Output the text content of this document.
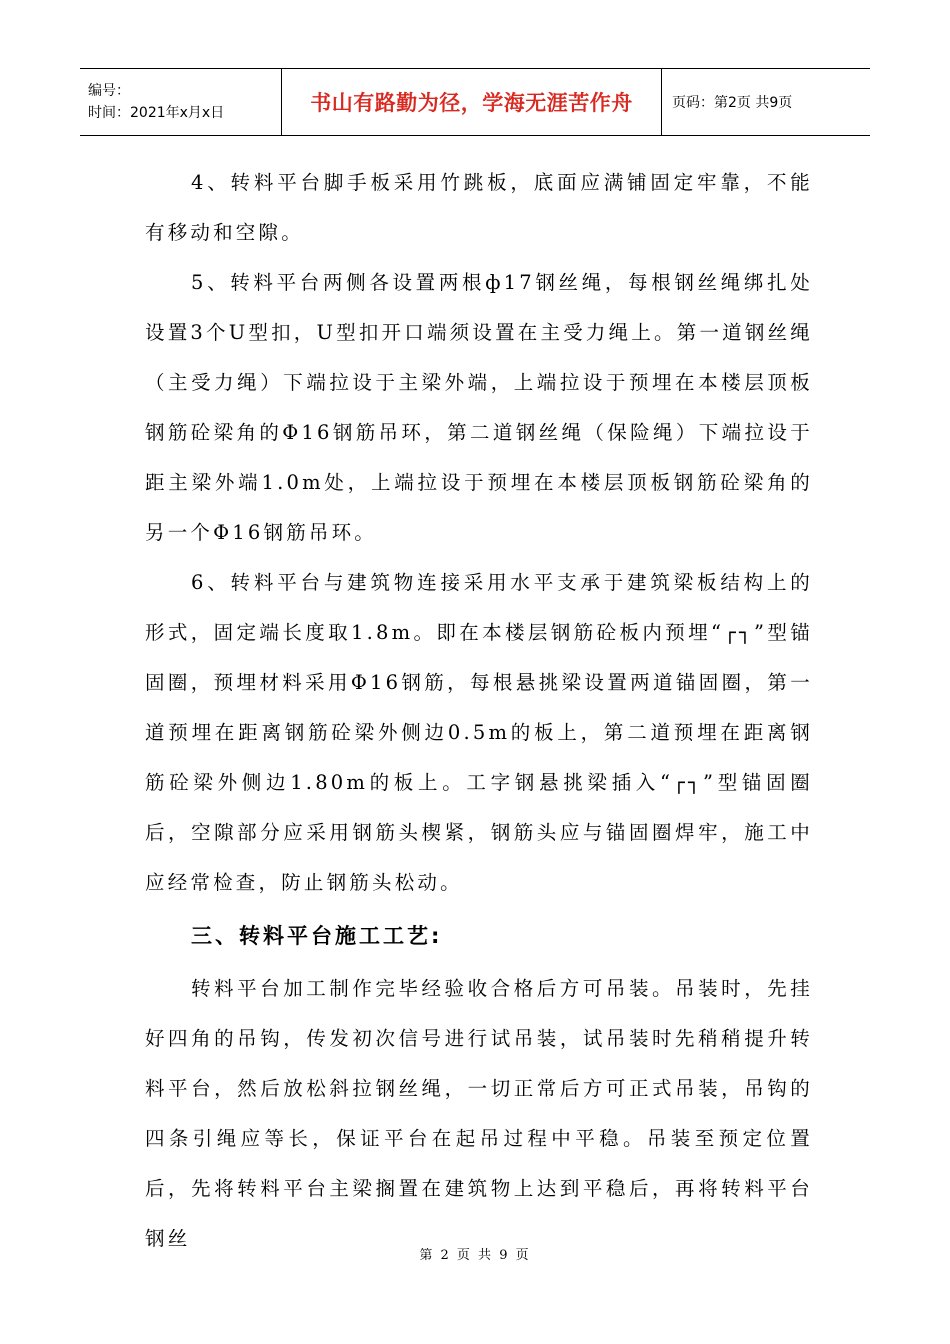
编号：
时间：2021年x月x日	书山有路勤为径，学海无涯苦作舟	页码：第2页 共9页

4、转料平台脚手板采用竹跳板，底面应满铺固定牢靠，不能有移动和空隙。

5、转料平台两侧各设置两根ф17钢丝绳，每根钢丝绳绑扎处设置3个U型扣，U型扣开口端须设置在主受力绳上。第一道钢丝绳（主受力绳）下端拉设于主梁外端，上端拉设于预埋在本楼层顶板钢筋砼梁角的Φ16钢筋吊环，第二道钢丝绳（保险绳）下端拉设于距主梁外端1.0m处，上端拉设于预埋在本楼层顶板钢筋砼梁角的另一个Φ16钢筋吊环。

6、转料平台与建筑物连接采用水平支承于建筑梁板结构上的形式，固定端长度取1.8m。即在本楼层钢筋砼板内预埋“┌┐”型锚固圈，预埋材料采用Φ16钢筋，每根悬挑梁设置两道锚固圈，第一道预埋在距离钢筋砼梁外侧边0.5m的板上，第二道预埋在距离钢筋砼梁外侧边1.80m的板上。工字钢悬挑梁插入“┌┐”型锚固圈后，空隙部分应采用钢筋头楔紧，钢筋头应与锚固圈焊牢，施工中应经常检查，防止钢筋头松动。

三、转料平台施工工艺:

转料平台加工制作完毕经验收合格后方可吊装。吊装时，先挂好四角的吊钩，传发初次信号进行试吊装，试吊装时先稍稍提升转料平台，然后放松斜拉钢丝绳，一切正常后方可正式吊装，吊钩的四条引绳应等长，保证平台在起吊过程中平稳。吊装至预定位置后，先将转料平台主梁搁置在建筑物上达到平稳后，再将转料平台钢丝

第 2 页 共 9 页
